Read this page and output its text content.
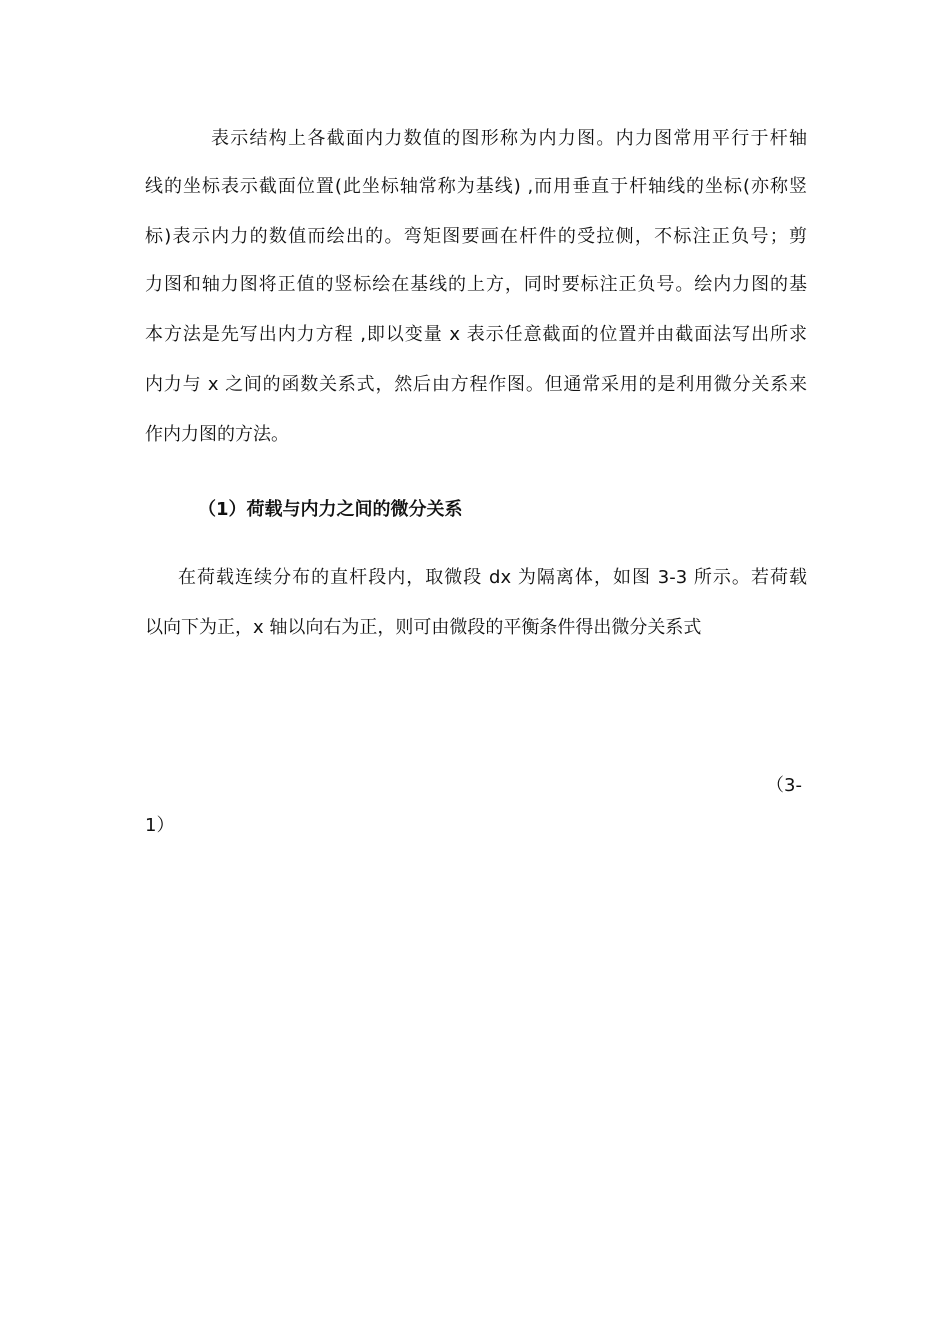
表示结构上各截面内力数值的图形称为内力图。内力图常用平行于杆轴
线的坐标表示截面位置(此坐标轴常称为基线) ,而用垂直于杆轴线的坐标(亦称竖
标)表示内力的数值而绘出的。弯矩图要画在杆件的受拉侧，不标注正负号；剪
力图和轴力图将正值的竖标绘在基线的上方，同时要标注正负号。绘内力图的基
本方法是先写出内力方程 ,即以变量 x 表示任意截面的位置并由截面法写出所求
内力与 x 之间的函数关系式，然后由方程作图。但通常采用的是利用微分关系来
作内力图的方法。
（1）荷载与内力之间的微分关系
在荷载连续分布的直杆段内，取微段 dx 为隔离体，如图 3-3 所示。若荷载
以向下为正，x 轴以向右为正，则可由微段的平衡条件得出微分关系式
（3-
1）
